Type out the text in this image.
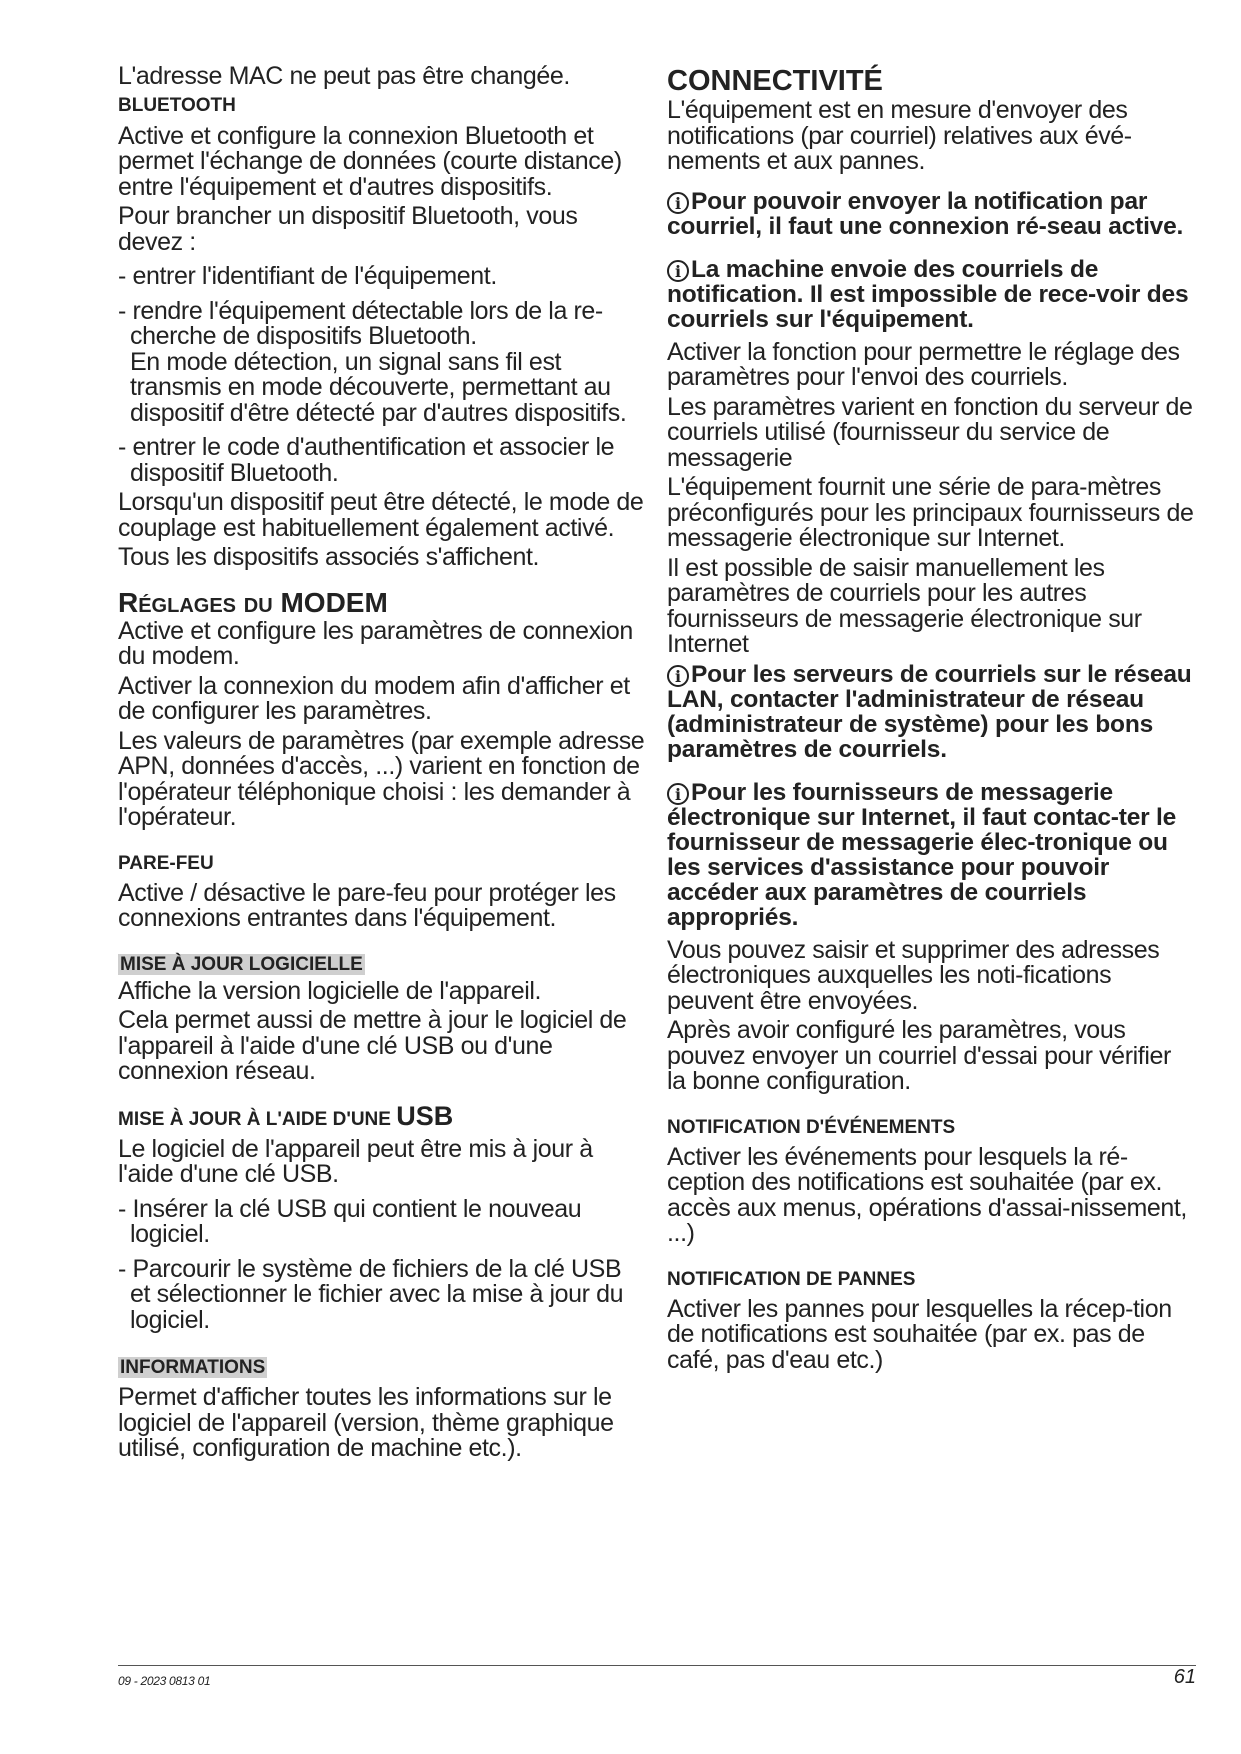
L'adresse MAC ne peut pas être changée.

BLUETOOTH

Active et configure la connexion Bluetooth et permet l'échange de données (courte distance) entre l'équipement et d'autres dispositifs.

Pour brancher un dispositif Bluetooth, vous devez :

- entrer l'identifiant de l'équipement.

- rendre l'équipement détectable lors de la re-cherche de dispositifs Bluetooth.

En mode détection, un signal sans fil est transmis en mode découverte, permettant au dispositif d'être détecté par d'autres dispositifs.

- entrer le code d'authentification et associer le dispositif Bluetooth.

Lorsqu'un dispositif peut être détecté, le mode de couplage est habituellement également activé.

Tous les dispositifs associés s'affichent.

Réglages du MODEM

Active et configure les paramètres de connexion du modem.

Activer la connexion du modem afin d'afficher et de configurer les paramètres.

Les valeurs de paramètres (par exemple adresse APN, données d'accès, ...) varient en fonction de l'opérateur téléphonique choisi : les demander à l'opérateur.

PARE-FEU

Active / désactive le pare-feu pour protéger les connexions entrantes dans l'équipement.

MISE À JOUR LOGICIELLE

Affiche la version logicielle de l'appareil.

Cela permet aussi de mettre à jour le logiciel de l'appareil à l'aide d'une clé USB ou d'une connexion réseau.

MISE À JOUR À L'AIDE D'UNE USB

Le logiciel de l'appareil peut être mis à jour à l'aide d'une clé USB.

- Insérer la clé USB qui contient le nouveau logiciel.

- Parcourir le système de fichiers de la clé USB et sélectionner le fichier avec la mise à jour du logiciel.

INFORMATIONS

Permet d'afficher toutes les informations sur le logiciel de l'appareil (version, thème graphique utilisé, configuration de machine etc.).

CONNECTIVITÉ

L'équipement est en mesure d'envoyer des notifications (par courriel) relatives aux évé-nements et aux pannes.

i Pour pouvoir envoyer la notification par courriel, il faut une connexion ré-seau active.

i La machine envoie des courriels de notification. Il est impossible de rece-voir des courriels sur l'équipement.

Activer la fonction pour permettre le réglage des paramètres pour l'envoi des courriels.

Les paramètres varient en fonction du serveur de courriels utilisé (fournisseur du service de messagerie

L'équipement fournit une série de para-mètres préconfigurés pour les principaux fournisseurs de messagerie électronique sur Internet.

Il est possible de saisir manuellement les paramètres de courriels pour les autres fournisseurs de messagerie électronique sur Internet

i Pour les serveurs de courriels sur le réseau LAN, contacter l'administrateur de réseau (administrateur de système) pour les bons paramètres de courriels.

i Pour les fournisseurs de messagerie électronique sur Internet, il faut contac-ter le fournisseur de messagerie élec-tronique ou les services d'assistance pour pouvoir accéder aux paramètres de courriels appropriés.

Vous pouvez saisir et supprimer des adresses électroniques auxquelles les noti-fications peuvent être envoyées.

Après avoir configuré les paramètres, vous pouvez envoyer un courriel d'essai pour vérifier la bonne configuration.

NOTIFICATION D'ÉVÉNEMENTS

Activer les événements pour lesquels la ré-ception des notifications est souhaitée (par ex. accès aux menus, opérations d'assai-nissement, ...)

NOTIFICATION DE PANNES

Activer les pannes pour lesquelles la récep-tion de notifications est souhaitée (par ex. pas de café, pas d'eau etc.)

09 - 2023 0813 01	61
